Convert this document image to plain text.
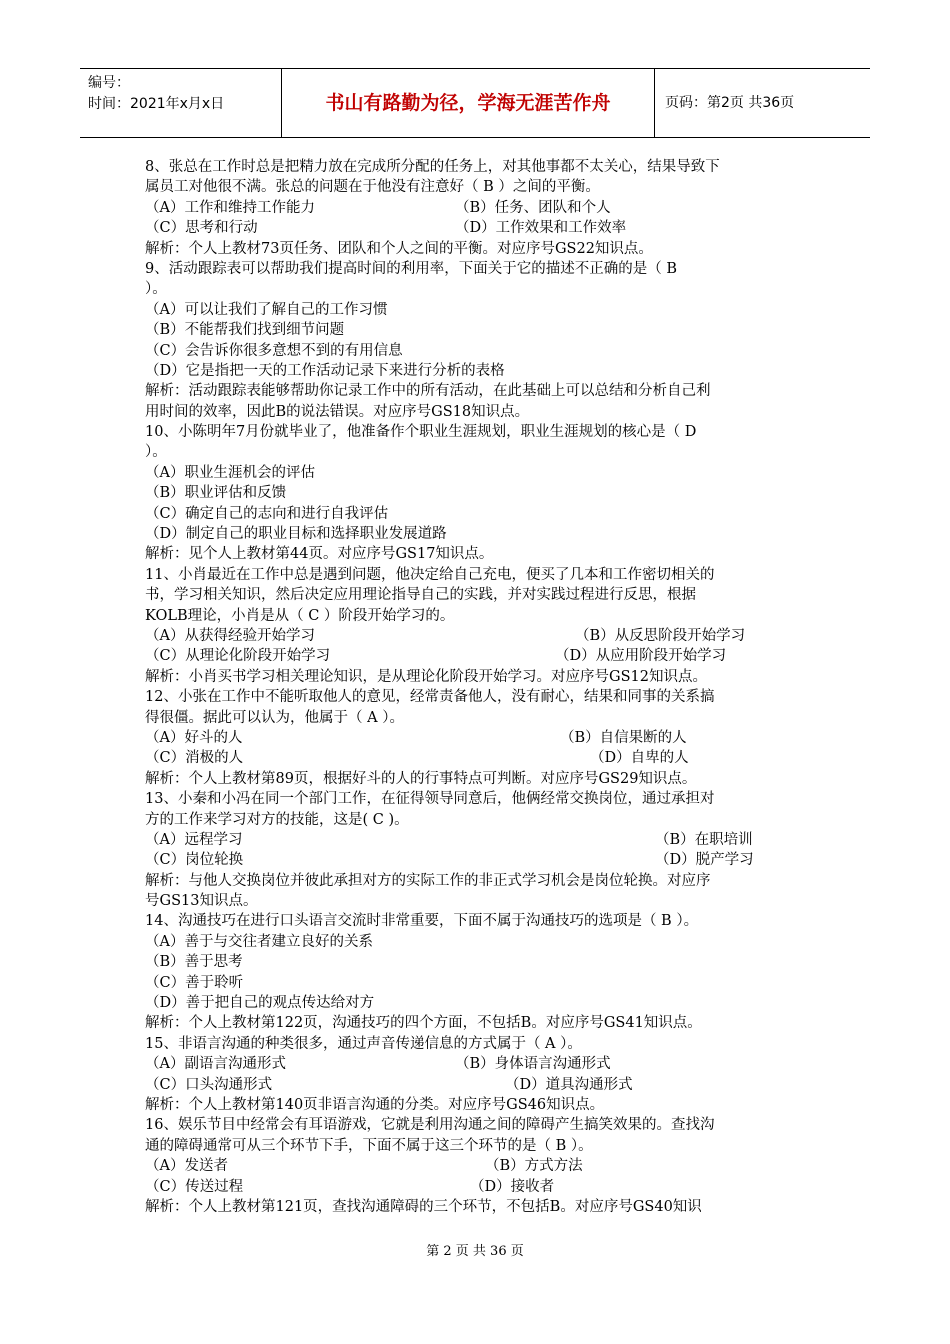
编号：
时间：2021年x月x日	书山有路勤为径，学海无涯苦作舟	页码：第2页 共36页
8、张总在工作时总是把精力放在完成所分配的任务上，对其他事都不太关心，结果导致下
属员工对他很不满。张总的问题在于他没有注意好（ B ）之间的平衡。
（A）工作和维持工作能力	（B）任务、团队和个人
（C）思考和行动	（D）工作效果和工作效率
解析：个人上教材73页任务、团队和个人之间的平衡。对应序号GS22知识点。
9、活动跟踪表可以帮助我们提高时间的利用率，下面关于它的描述不正确的是（ B
）。
（A）可以让我们了解自己的工作习惯
（B）不能帮我们找到细节问题
（C）会告诉你很多意想不到的有用信息
（D）它是指把一天的工作活动记录下来进行分析的表格
解析：活动跟踪表能够帮助你记录工作中的所有活动，在此基础上可以总结和分析自己利
用时间的效率，因此B的说法错误。对应序号GS18知识点。
10、小陈明年7月份就毕业了，他准备作个职业生涯规划，职业生涯规划的核心是（ D
）。
（A）职业生涯机会的评估
（B）职业评估和反馈
（C）确定自己的志向和进行自我评估
（D）制定自己的职业目标和选择职业发展道路
解析：见个人上教材第44页。对应序号GS17知识点。
11、小肖最近在工作中总是遇到问题，他决定给自己充电，便买了几本和工作密切相关的
书，学习相关知识，然后决定应用理论指导自己的实践，并对实践过程进行反思，根据
KOLB理论，小肖是从（ C ）阶段开始学习的。
（A）从获得经验开始学习	（B）从反思阶段开始学习
（C）从理论化阶段开始学习	（D）从应用阶段开始学习
解析：小肖买书学习相关理论知识，是从理论化阶段开始学习。对应序号GS12知识点。
12、小张在工作中不能听取他人的意见，经常责备他人，没有耐心，结果和同事的关系搞
得很僵。据此可以认为，他属于（ A ）。
（A）好斗的人	（B）自信果断的人
（C）消极的人	（D）自卑的人
解析：个人上教材第89页，根据好斗的人的行事特点可判断。对应序号GS29知识点。
13、小秦和小冯在同一个部门工作，在征得领导同意后，他俩经常交换岗位，通过承担对
方的工作来学习对方的技能，这是( C )。
（A）远程学习	（B）在职培训
（C）岗位轮换	（D）脱产学习
解析：与他人交换岗位并彼此承担对方的实际工作的非正式学习机会是岗位轮换。对应序
号GS13知识点。
14、沟通技巧在进行口头语言交流时非常重要，下面不属于沟通技巧的选项是（ B ）。
（A）善于与交往者建立良好的关系
（B）善于思考
（C）善于聆听
（D）善于把自己的观点传达给对方
解析：个人上教材第122页，沟通技巧的四个方面，不包括B。对应序号GS41知识点。
15、非语言沟通的种类很多，通过声音传递信息的方式属于（ A ）。
（A）副语言沟通形式	（B）身体语言沟通形式
（C）口头沟通形式	（D）道具沟通形式
解析：个人上教材第140页非语言沟通的分类。对应序号GS46知识点。
16、娱乐节目中经常会有耳语游戏，它就是利用沟通之间的障碍产生搞笑效果的。查找沟
通的障碍通常可从三个环节下手，下面不属于这三个环节的是（ B ）。
（A）发送者	（B）方式方法
（C）传送过程	（D）接收者
解析：个人上教材第121页，查找沟通障碍的三个环节，不包括B。对应序号GS40知识
第 2 页 共 36 页
